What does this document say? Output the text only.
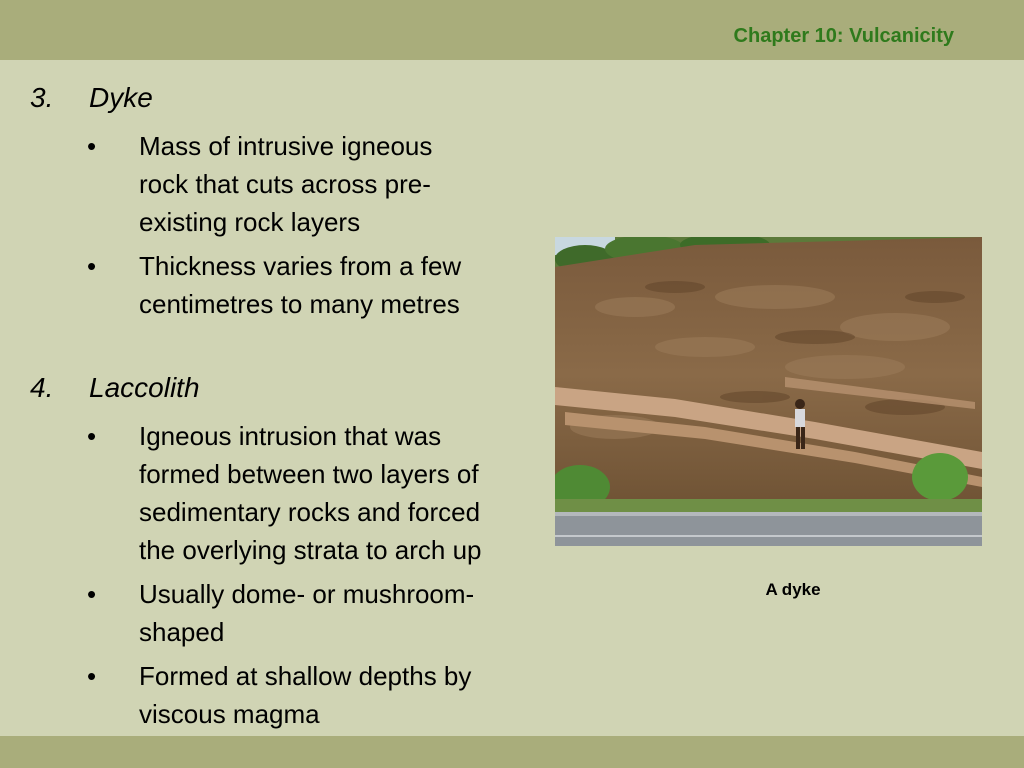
Chapter 10: Vulcanicity
3. Dyke
• Mass of intrusive igneous
rock that cuts across pre-
existing rock layers
• Thickness varies from a few
centimetres to many metres
4. Laccolith
• Igneous intrusion that was
formed between two layers of
sedimentary rocks and forced
the overlying strata to arch up
• Usually dome- or mushroom-
shaped
• Formed at shallow depths by
viscous magma
A dyke
